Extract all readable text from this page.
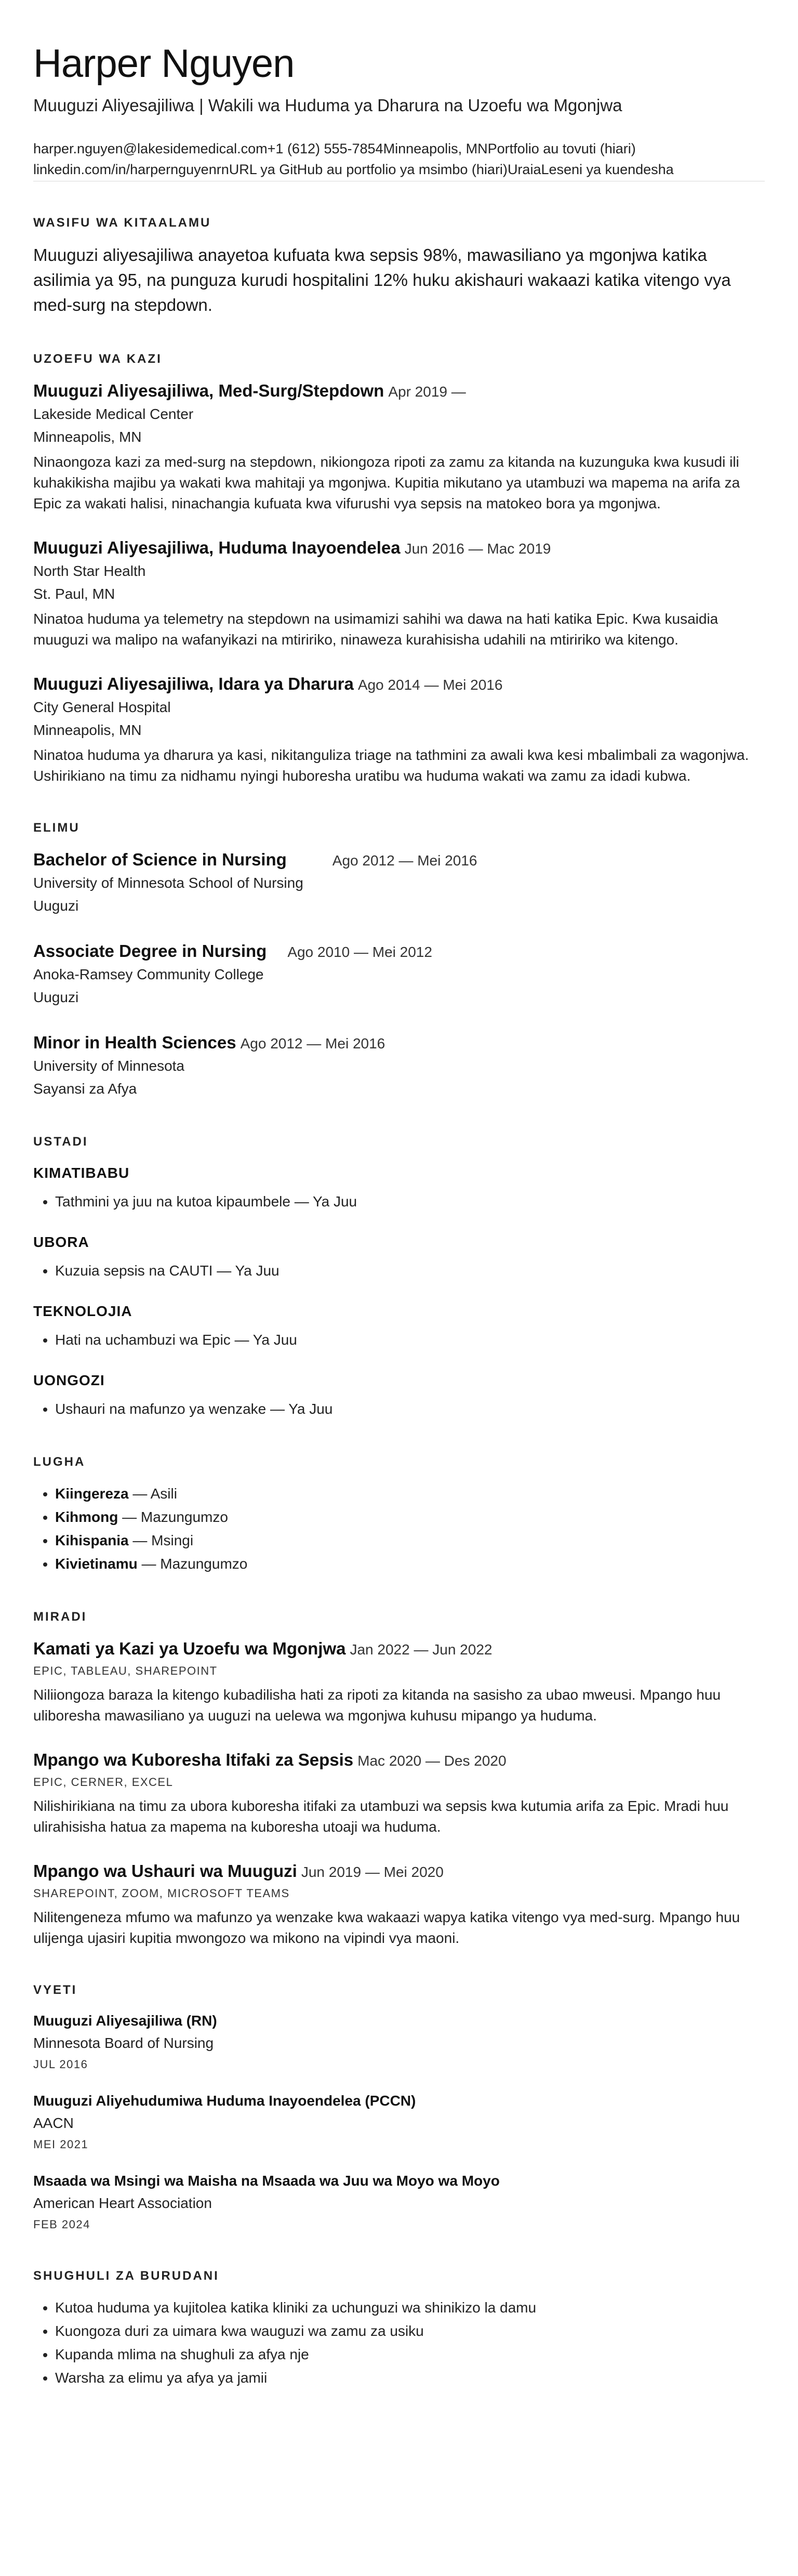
Harper Nguyen
Muuguzi Aliyesajiliwa | Wakili wa Huduma ya Dharura na Uzoefu wa Mgonjwa
harper.nguyen@lakesidemedical.com +1 (612) 555-7854 Minneapolis, MN Portfolio au tovuti (hiari)
linkedin.com/in/harpernguyenrn URL ya GitHub au portfolio ya msimbo (hiari) Uraia Leseni ya kuendesha
WASIFU WA KITAALAMU

Muuguzi aliyesajiliwa anayetoa kufuata kwa sepsis 98%, mawasiliano ya mgonjwa katika asilimia ya 95, na punguza kurudi hospitalini 12% huku akishauri wakaazi katika vitengo vya med-surg na stepdown.

UZOEFU WA KAZI
Muuguzi Aliyesajiliwa, Med-Surg/Stepdown Apr 2019 —
Lakeside Medical Center
Minneapolis, MN
Ninaongoza kazi za med-surg na stepdown, nikiongoza ripoti za zamu za kitanda na kuzunguka kwa kusudi ili kuhakikisha majibu ya wakati kwa mahitaji ya mgonjwa. Kupitia mikutano ya utambuzi wa mapema na arifa za Epic za wakati halisi, ninachangia kufuata kwa vifurushi vya sepsis na matokeo bora ya mgonjwa.
Muuguzi Aliyesajiliwa, Huduma Inayoendelea Jun 2016 — Mac 2019
North Star Health
St. Paul, MN
Ninatoa huduma ya telemetry na stepdown na usimamizi sahihi wa dawa na hati katika Epic. Kwa kusaidia muuguzi wa malipo na wafanyikazi na mtiririko, ninaweza kurahisisha udahili na mtiririko wa kitengo.
Muuguzi Aliyesajiliwa, Idara ya Dharura Ago 2014 — Mei 2016
City General Hospital
Minneapolis, MN
Ninatoa huduma ya dharura ya kasi, nikitanguliza triage na tathmini za awali kwa kesi mbalimbali za wagonjwa. Ushirikiano na timu za nidhamu nyingi huboresha uratibu wa huduma wakati wa zamu za idadi kubwa.
ELIMU
Bachelor of Science in Nursing	Ago 2012 — Mei 2016
University of Minnesota School of Nursing
Uuguzi
Associate Degree in Nursing Ago 2010 — Mei 2012
Anoka-Ramsey Community College
Uuguzi
Minor in Health Sciences Ago 2012 — Mei 2016
University of Minnesota
Sayansi za Afya
USTADI
KIMATIBABU
• Tathmini ya juu na kutoa kipaumbele — Ya Juu
UBORA
• Kuzuia sepsis na CAUTI — Ya Juu
TEKNOLOJIA
• Hati na uchambuzi wa Epic — Ya Juu
UONGOZI
• Ushauri na mafunzo ya wenzake — Ya Juu
LUGHA
• Kiingereza — Asili
• Kihmong — Mazungumzo
• Kihispania — Msingi
• Kivietinamu — Mazungumzo
MIRADI
Kamati ya Kazi ya Uzoefu wa Mgonjwa Jan 2022 — Jun 2022
EPIC, TABLEAU, SHAREPOINT
Niliiongoza baraza la kitengo kubadilisha hati za ripoti za kitanda na sasisho za ubao mweusi. Mpango huu uliboresha mawasiliano ya uuguzi na uelewa wa mgonjwa kuhusu mipango ya huduma.
Mpango wa Kuboresha Itifaki za Sepsis Mac 2020 — Des 2020
EPIC, CERNER, EXCEL
Nilishirikiana na timu za ubora kuboresha itifaki za utambuzi wa sepsis kwa kutumia arifa za Epic. Mradi huu ulirahisisha hatua za mapema na kuboresha utoaji wa huduma.
Mpango wa Ushauri wa Muuguzi Jun 2019 — Mei 2020
SHAREPOINT, ZOOM, MICROSOFT TEAMS
Nilitengeneza mfumo wa mafunzo ya wenzake kwa wakaazi wapya katika vitengo vya med-surg. Mpango huu ulijenga ujasiri kupitia mwongozo wa mikono na vipindi vya maoni.
VYETI
Muuguzi Aliyesajiliwa (RN)
Minnesota Board of Nursing
JUL 2016
Muuguzi Aliyehudumiwa Huduma Inayoendelea (PCCN)
AACN
MEI 2021
Msaada wa Msingi wa Maisha na Msaada wa Juu wa Moyo wa Moyo
American Heart Association
FEB 2024
SHUGHULI ZA BURUDANI
• Kutoa huduma ya kujitolea katika kliniki za uchunguzi wa shinikizo la damu
• Kuongoza duri za uimara kwa wauguzi wa zamu za usiku
• Kupanda mlima na shughuli za afya nje
• Warsha za elimu ya afya ya jamii
